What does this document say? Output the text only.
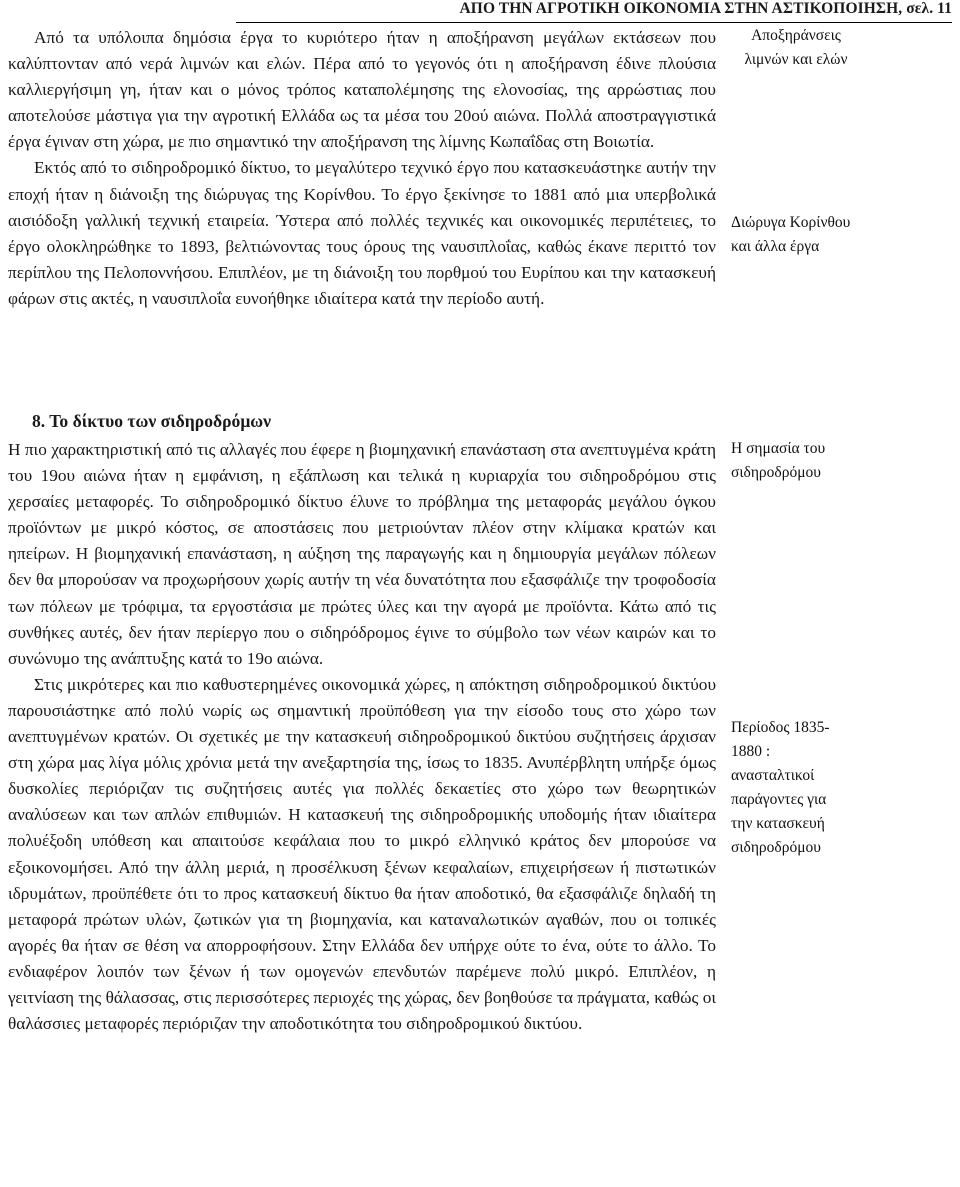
ΑΠΟ ΤΗΝ ΑΓΡΟΤΙΚΗ ΟΙΚΟΝΟΜΙΑ ΣΤΗΝ ΑΣΤΙΚΟΠΟΙΗΣΗ, σελ. 11

Από τα υπόλοιπα δημόσια έργα το κυριότερο ήταν η αποξήρανση μεγάλων εκτάσεων που καλύπτονταν από νερά λιμνών και ελών. Πέρα από το γεγονός ότι η αποξήρανση έδινε πλούσια καλλιεργήσιμη γη, ήταν και ο μόνος τρόπος καταπολέμησης της ελονοσίας, της αρρώστιας που αποτελούσε μάστιγα για την αγροτική Ελλάδα ως τα μέσα του 20ού αιώνα. Πολλά αποστραγγιστικά έργα έγιναν στη χώρα, με πιο σημαντικό την αποξήρανση της λίμνης Κωπαΐδας στη Βοιωτία.

Εκτός από το σιδηροδρομικό δίκτυο, το μεγαλύτερο τεχνικό έργο που κατασκευάστηκε αυτήν την εποχή ήταν η διάνοιξη της διώρυγας της Κορίνθου. Το έργο ξεκίνησε το 1881 από μια υπερβολικά αισιόδοξη γαλλική τεχνική εταιρεία. Ύστερα από πολλές τεχνικές και οικονομικές περιπέτειες, το έργο ολοκληρώθηκε το 1893, βελτιώνοντας τους όρους της ναυσιπλοΐας, καθώς έκανε περιττό τον περίπλου της Πελοποννήσου. Επιπλέον, με τη διάνοιξη του πορθμού του Ευρίπου και την κατασκευή φάρων στις ακτές, η ναυσιπλοΐα ευνοήθηκε ιδιαίτερα κατά την περίοδο αυτή.

8. Το δίκτυο των σιδηροδρόμων

Η πιο χαρακτηριστική από τις αλλαγές που έφερε η βιομηχανική επανάσταση στα ανεπτυγμένα κράτη του 19ου αιώνα ήταν η εμφάνιση, η εξάπλωση και τελικά η κυριαρχία του σιδηροδρόμου στις χερσαίες μεταφορές. Το σιδηροδρομικό δίκτυο έλυνε το πρόβλημα της μεταφοράς μεγάλου όγκου προϊόντων με μικρό κόστος, σε αποστάσεις που μετριούνταν πλέον στην κλίμακα κρατών και ηπείρων. Η βιομηχανική επανάσταση, η αύξηση της παραγωγής και η δημιουργία μεγάλων πόλεων δεν θα μπορούσαν να προχωρήσουν χωρίς αυτήν τη νέα δυνατότητα που εξασφάλιζε την τροφοδοσία των πόλεων με τρόφιμα, τα εργοστάσια με πρώτες ύλες και την αγορά με προϊόντα. Κάτω από τις συνθήκες αυτές, δεν ήταν περίεργο που ο σιδηρόδρομος έγινε το σύμβολο των νέων καιρών και το συνώνυμο της ανάπτυξης κατά το 19ο αιώνα.

Στις μικρότερες και πιο καθυστερημένες οικονομικά χώρες, η απόκτηση σιδηροδρομικού δικτύου παρουσιάστηκε από πολύ νωρίς ως σημαντική προϋπόθεση για την είσοδο τους στο χώρο των ανεπτυγμένων κρατών. Οι σχετικές με την κατασκευή σιδηροδρομικού δικτύου συζητήσεις άρχισαν στη χώρα μας λίγα μόλις χρόνια μετά την ανεξαρτησία της, ίσως το 1835. Ανυπέρβλητη υπήρξε όμως δυσκολίες περιόριζαν τις συζητήσεις αυτές για πολλές δεκαετίες στο χώρο των θεωρητικών αναλύσεων και των απλών επιθυμιών. Η κατασκευή της σιδηροδρομικής υποδομής ήταν ιδιαίτερα πολυέξοδη υπόθεση και απαιτούσε κεφάλαια που το μικρό ελληνικό κράτος δεν μπορούσε να εξοικονομήσει. Από την άλλη μεριά, η προσέλκυση ξένων κεφαλαίων, επιχειρήσεων ή πιστωτικών ιδρυμάτων, προϋπέθετε ότι το προς κατασκευή δίκτυο θα ήταν αποδοτικό, θα εξασφάλιζε δηλαδή τη μεταφορά πρώτων υλών, ζωτικών για τη βιομηχανία, και καταναλωτικών αγαθών, που οι τοπικές αγορές θα ήταν σε θέση να απορροφήσουν. Στην Ελλάδα δεν υπήρχε ούτε το ένα, ούτε το άλλο. Το ενδιαφέρον λοιπόν των ξένων ή των ομογενών επενδυτών παρέμενε πολύ μικρό. Επιπλέον, η γειτνίαση της θάλασσας, στις περισσότερες περιοχές της χώρας, δεν βοηθούσε τα πράγματα, καθώς οι θαλάσσιες μεταφορές περιόριζαν την αποδοτικότητα του σιδηροδρομικού δικτύου.

Αποξηράνσεις λιμνών και ελών
Διώρυγα Κορίνθου και άλλα έργα
Η σημασία του σιδηροδρόμου
Περίοδος 1835-1880 : ανασταλτικοί παράγοντες για την κατασκευή σιδηροδρόμου
